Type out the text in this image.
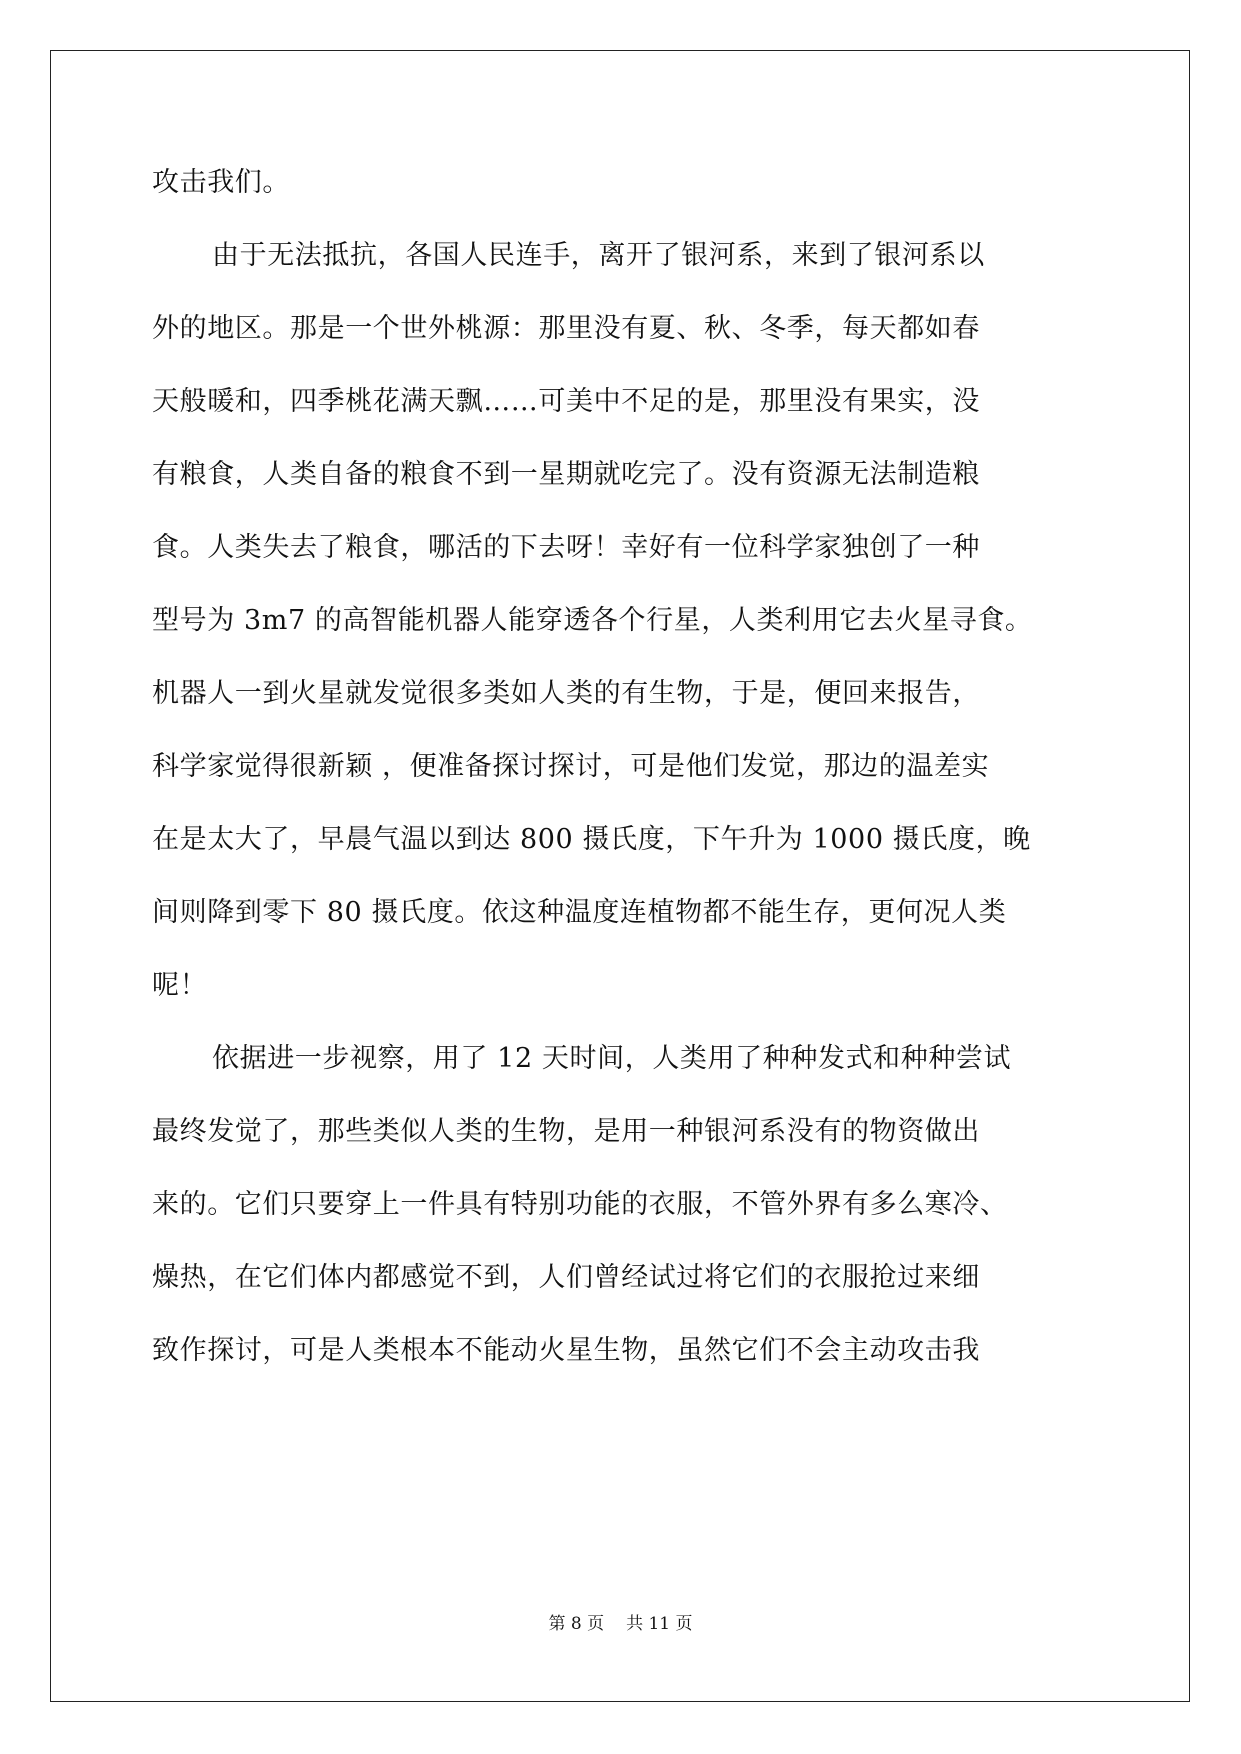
攻击我们。
由于无法抵抗，各国人民连手，离开了银河系，来到了银河系以
外的地区。那是一个世外桃源：那里没有夏、秋、冬季，每天都如春
天般暖和，四季桃花满天飘……可美中不足的是，那里没有果实，没
有粮食，人类自备的粮食不到一星期就吃完了。没有资源无法制造粮
食。人类失去了粮食，哪活的下去呀！幸好有一位科学家独创了一种
型号为 3m7 的高智能机器人能穿透各个行星，人类利用它去火星寻食。
机器人一到火星就发觉很多类如人类的有生物，于是，便回来报告，
科学家觉得很新颖 ，便准备探讨探讨，可是他们发觉，那边的温差实
在是太大了，早晨气温以到达 800 摄氏度，下午升为 1000 摄氏度，晚
间则降到零下 80 摄氏度。依这种温度连植物都不能生存，更何况人类
呢！
依据进一步视察，用了 12 天时间，人类用了种种发式和种种尝试
最终发觉了，那些类似人类的生物，是用一种银河系没有的物资做出
来的。它们只要穿上一件具有特别功能的衣服，不管外界有多么寒冷、
燥热，在它们体内都感觉不到，人们曾经试过将它们的衣服抢过来细
致作探讨，可是人类根本不能动火星生物，虽然它们不会主动攻击我
第 8 页 共 11 页
